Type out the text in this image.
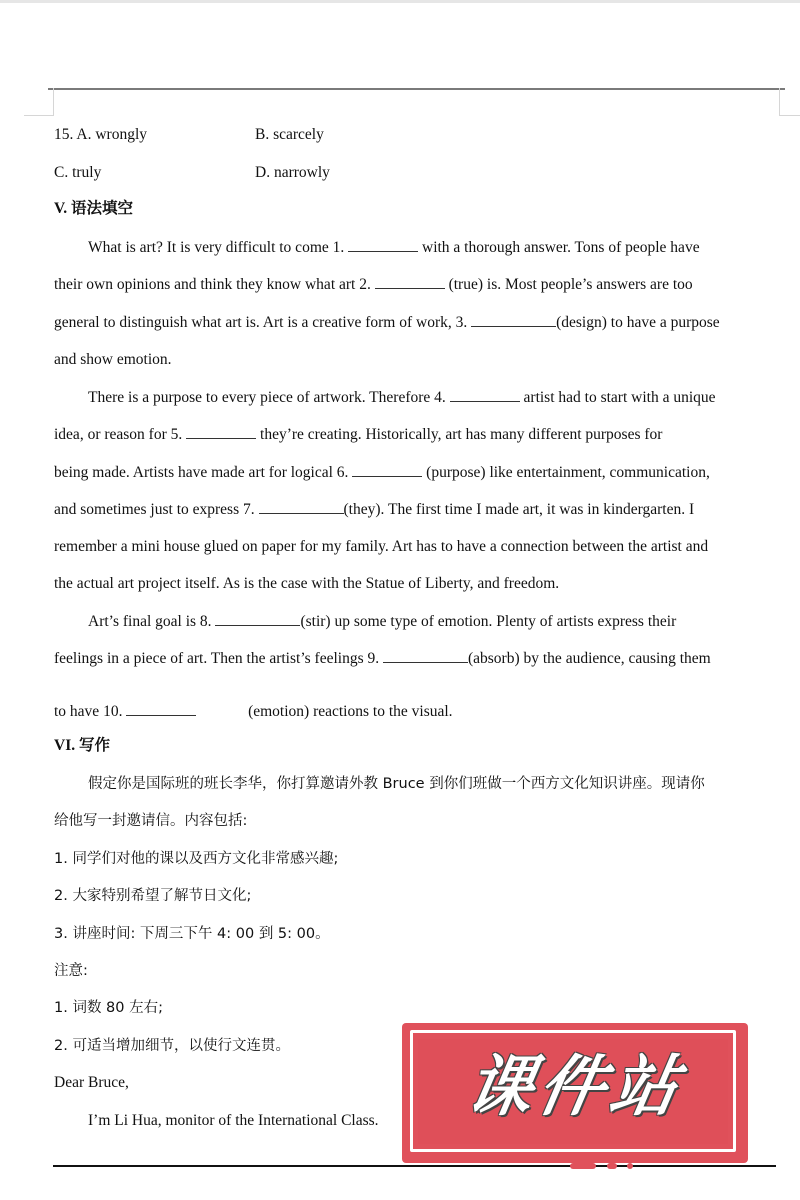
15. A. wrongly	B. scarcely
C. truly	D. narrowly
V. 语法填空
What is art? It is very difficult to come 1.	with a thorough answer. Tons of people have
their own opinions and think they know what art 2.	(true) is. Most people’s answers are too
general to distinguish what art is. Art is a creative form of work, 3.	(design) to have a purpose
and show emotion.
There is a purpose to every piece of artwork. Therefore 4.	artist had to start with a unique
idea, or reason for 5.	they’re creating. Historically, art has many different purposes for
being made. Artists have made art for logical 6.	(purpose) like entertainment, communication,
and sometimes just to express 7.	(they). The first time I made art, it was in kindergarten. I
remember a mini house glued on paper for my family. Art has to have a connection between the artist and
the actual art project itself. As is the case with the Statue of Liberty, and freedom.
Art’s final goal is 8.	(stir) up some type of emotion. Plenty of artists express their
feelings in a piece of art. Then the artist’s feelings 9.	(absorb) by the audience, causing them
to have 10.	(emotion) reactions to the visual.
VI. 写作
假定你是国际班的班长李华，你打算邀请外教 Bruce 到你们班做一个西方文化知识讲座。现请你
给他写一封邀请信。内容包括:
1. 同学们对他的课以及西方文化非常感兴趣;
2. 大家特别希望了解节日文化;
3. 讲座时间: 下周三下午 4: 00 到 5: 00。
注意:
1. 词数 80 左右;
2. 可适当增加细节，以使行文连贯。
Dear Bruce,
I’m Li Hua, monitor of the International Class.	课件站
